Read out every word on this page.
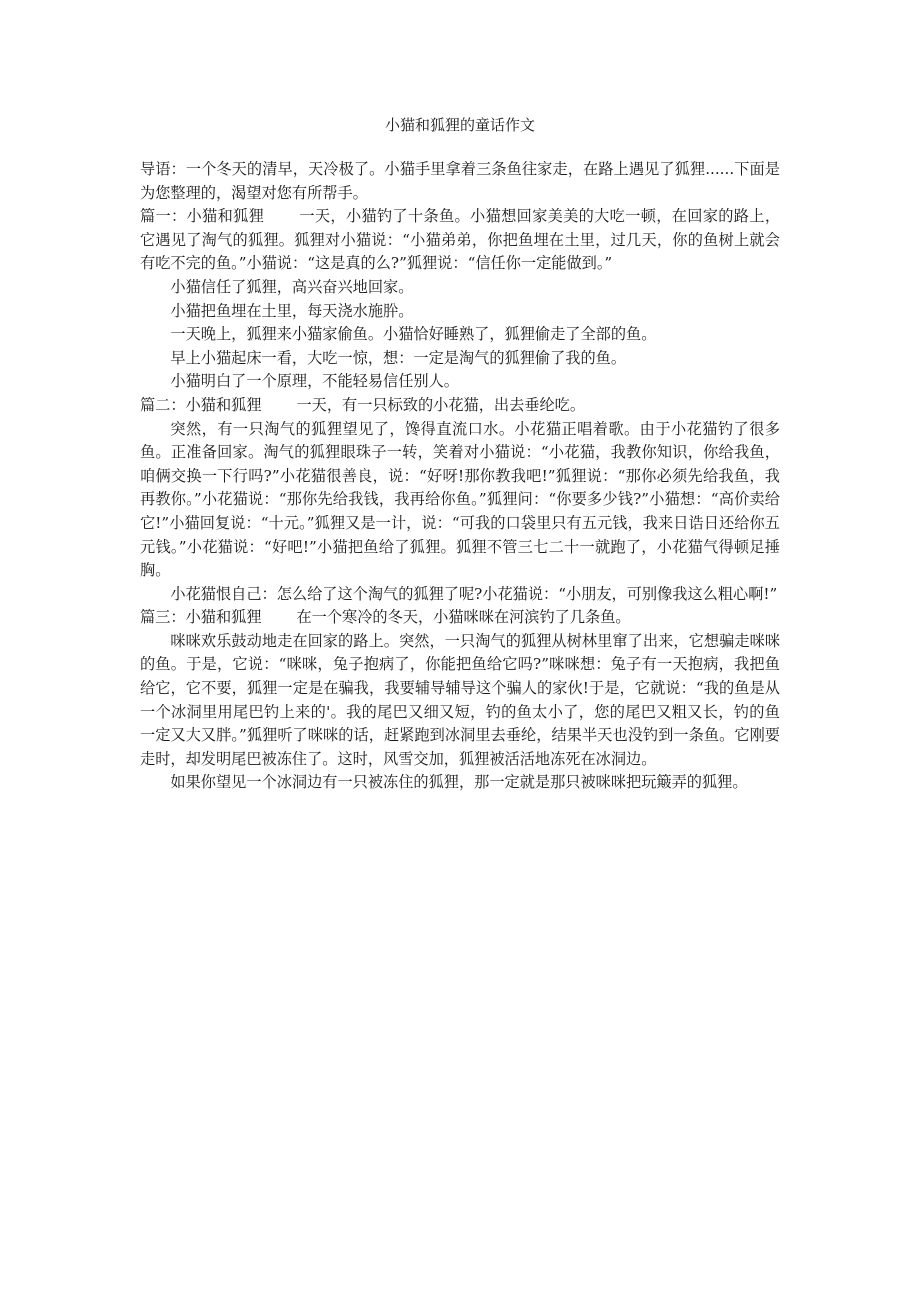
小猫和狐狸的童话作文

导语：一个冬天的清早，天冷极了。小猫手里拿着三条鱼往家走，在路上遇见了狐狸......下面是为您整理的，渴望对您有所帮手。

篇一：小猫和狐狸 一天，小猫钓了十条鱼。小猫想回家美美的大吃一顿，在回家的路上，它遇见了淘气的狐狸。狐狸对小猫说：“小猫弟弟，你把鱼埋在土里，过几天，你的鱼树上就会有吃不完的鱼。”小猫说：“这是真的么?”狐狸说：“信任你一定能做到。”

小猫信任了狐狸，高兴奋兴地回家。

小猫把鱼埋在土里，每天浇水施肸。

一天晚上，狐狸来小猫家偷鱼。小猫恰好睡熟了，狐狸偷走了全部的鱼。

早上小猫起床一看，大吃一惊，想：一定是淘气的狐狸偷了我的鱼。

小猫明白了一个原理，不能轻易信任别人。

篇二：小猫和狐狸 一天，有一只标致的小花猫，出去垂纶吃。

突然，有一只淘气的狐狸望见了，馋得直流口水。小花猫正唱着歌。由于小花猫钓了很多鱼。正准备回家。淘气的狐狸眼珠子一转，笑着对小猫说：“小花猫，我教你知识，你给我鱼，咱俩交换一下行吗?”小花猫很善良，说：“好呀!那你教我吧!”狐狸说：“那你必须先给我鱼，我再教你。”小花猫说：“那你先给我钱，我再给你鱼。”狐狸问：“你要多少钱?”小猫想：“高价卖给它!”小猫回复说：“十元。”狐狸又是一计，说：“可我的口袋里只有五元钱，我来日诰日还给你五元钱。”小花猫说：“好吧!”小猫把鱼给了狐狸。狐狸不管三七二十一就跑了，小花猫气得顿足捶胸。

小花猫恨自己：怎么给了这个淘气的狐狸了呢?小花猫说：“小朋友，可别像我这么粗心啊!”

篇三：小猫和狐狸 在一个寒冷的冬天，小猫咪咪在河滨钓了几条鱼。

咪咪欢乐鼓动地走在回家的路上。突然，一只淘气的狐狸从树林里窜了出来，它想骗走咪咪的鱼。于是，它说：“咪咪，兔子抱病了，你能把鱼给它吗?”咪咪想：兔子有一天抱病，我把鱼给它，它不要，狐狸一定是在骗我，我要辅导辅导这个骗人的家伙!于是，它就说：“我的鱼是从一个冰洞里用尾巴钓上来的'。我的尾巴又细又短，钓的鱼太小了，您的尾巴又粗又长，钓的鱼一定又大又胖。”狐狸听了咪咪的话，赶紧跑到冰洞里去垂纶，结果半天也没钓到一条鱼。它刚要走时，却发明尾巴被冻住了。这时，风雪交加，狐狸被活活地冻死在冰洞边。

如果你望见一个冰洞边有一只被冻住的狐狸，那一定就是那只被咪咪把玩簸弄的狐狸。
